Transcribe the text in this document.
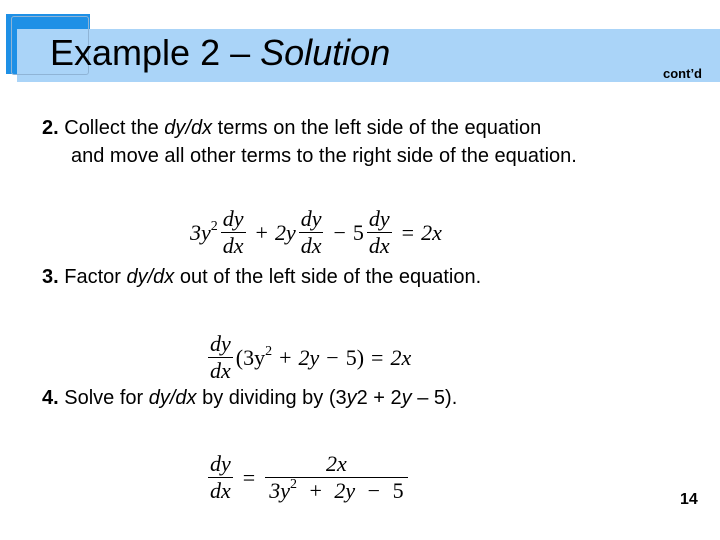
Example 2 – Solution
cont’d
2. Collect the dy/dx terms on the left side of the equation
and move all other terms to the right side of the equation.
$3y^2 \frac{dy}{dx} + 2y \frac{dy}{dx} - 5 \frac{dy}{dx} = 2x$
3. Factor dy/dx out of the left side of the equation.
$\frac{dy}{dx} (3y^2 + 2y - 5) = 2x$
4. Solve for dy/dx by dividing by (3y2 + 2y – 5).
$\frac{dy}{dx} = \frac{2x}{3y^2 + 2y - 5}$	14
